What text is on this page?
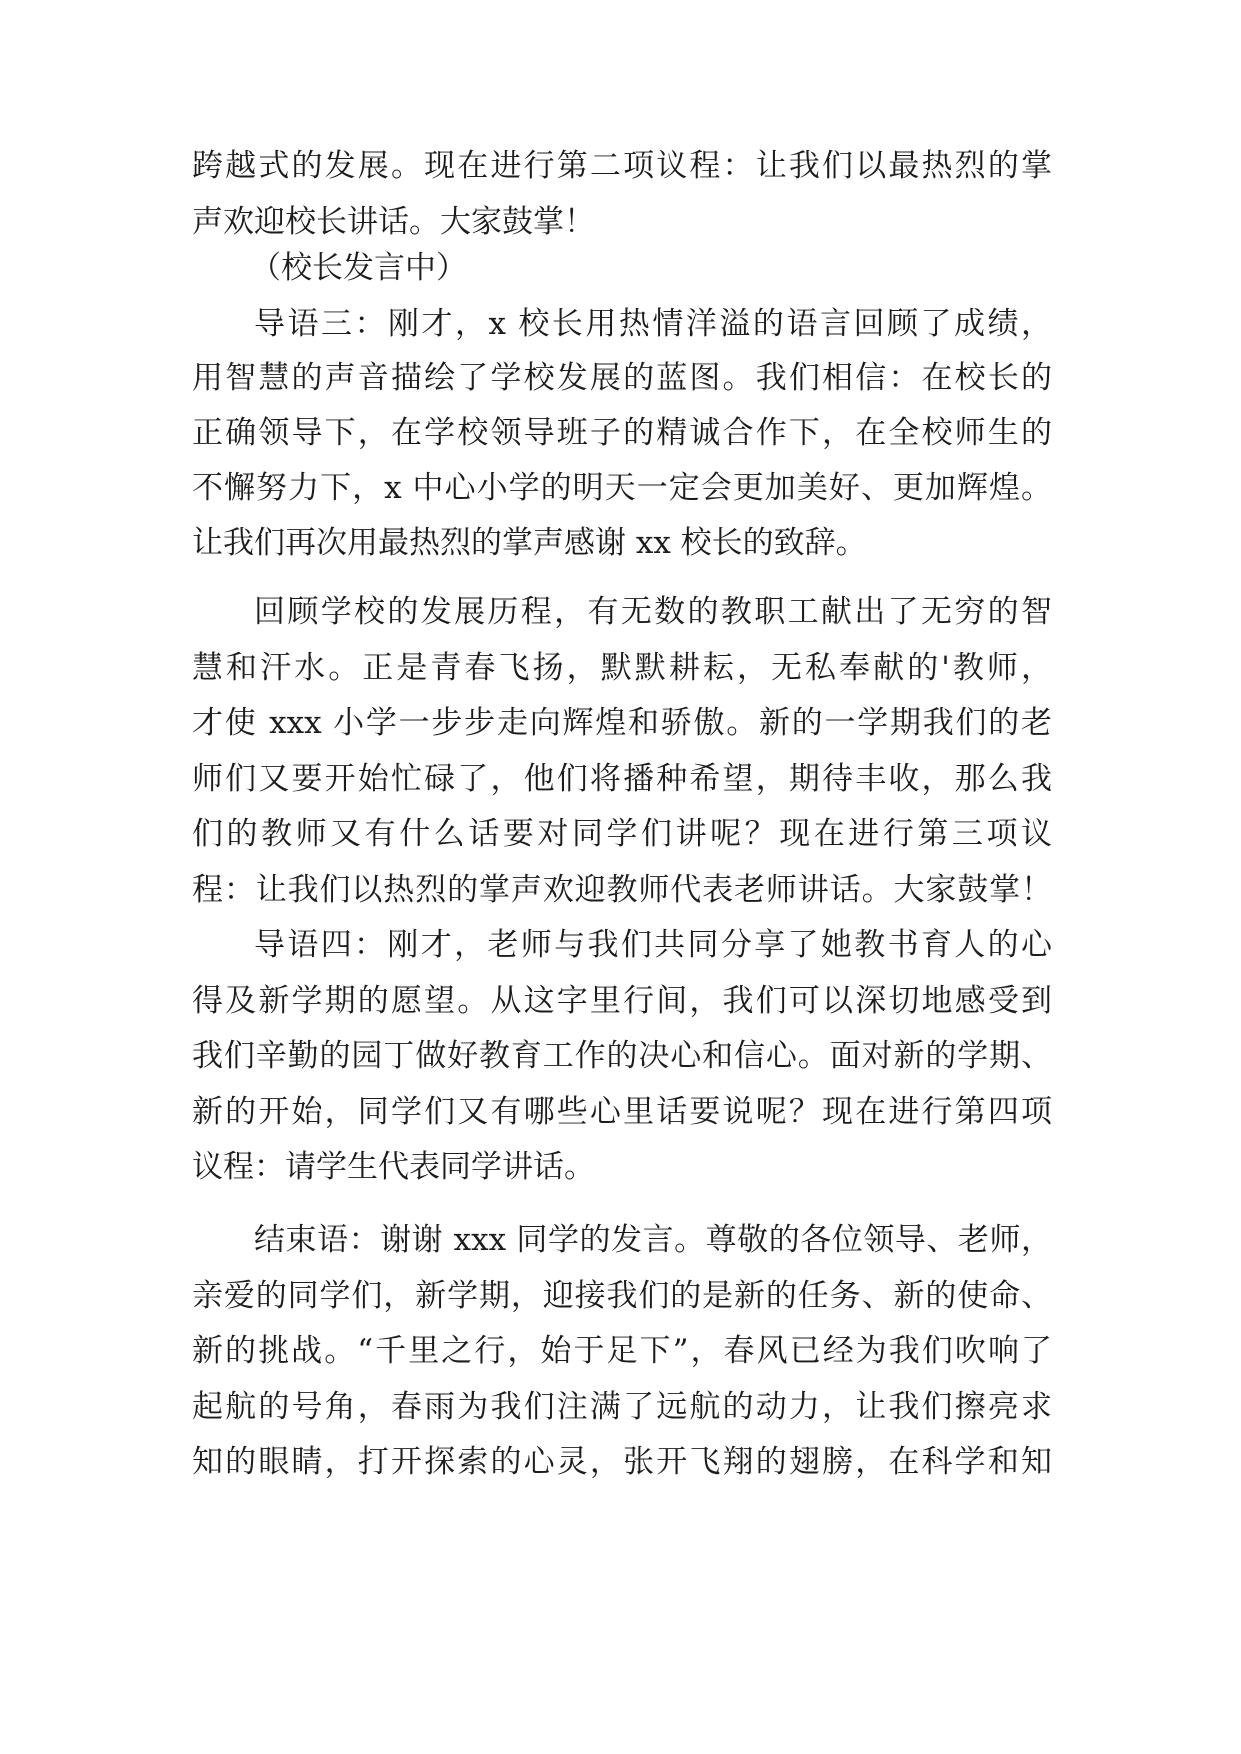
跨越式的发展。现在进行第二项议程：让我们以最热烈的掌
声欢迎校长讲话。大家鼓掌！
（校长发言中）
导语三：刚才，x 校长用热情洋溢的语言回顾了成绩，
用智慧的声音描绘了学校发展的蓝图。我们相信：在校长的
正确领导下，在学校领导班子的精诚合作下，在全校师生的
不懈努力下，x 中心小学的明天一定会更加美好、更加辉煌。
让我们再次用最热烈的掌声感谢 xx 校长的致辞。
回顾学校的发展历程，有无数的教职工献出了无穷的智
慧和汗水。正是青春飞扬，默默耕耘，无私奉献的'教师，
才使 xxx 小学一步步走向辉煌和骄傲。新的一学期我们的老
师们又要开始忙碌了，他们将播种希望，期待丰收，那么我
们的教师又有什么话要对同学们讲呢？现在进行第三项议
程：让我们以热烈的掌声欢迎教师代表老师讲话。大家鼓掌！
导语四：刚才，老师与我们共同分享了她教书育人的心
得及新学期的愿望。从这字里行间，我们可以深切地感受到
我们辛勤的园丁做好教育工作的决心和信心。面对新的学期、
新的开始，同学们又有哪些心里话要说呢？现在进行第四项
议程：请学生代表同学讲话。
结束语：谢谢 xxx 同学的发言。尊敬的各位领导、老师，
亲爱的同学们，新学期，迎接我们的是新的任务、新的使命、
新的挑战。“千里之行，始于足下”，春风已经为我们吹响了
起航的号角，春雨为我们注满了远航的动力，让我们擦亮求
知的眼睛，打开探索的心灵，张开飞翔的翅膀，在科学和知
